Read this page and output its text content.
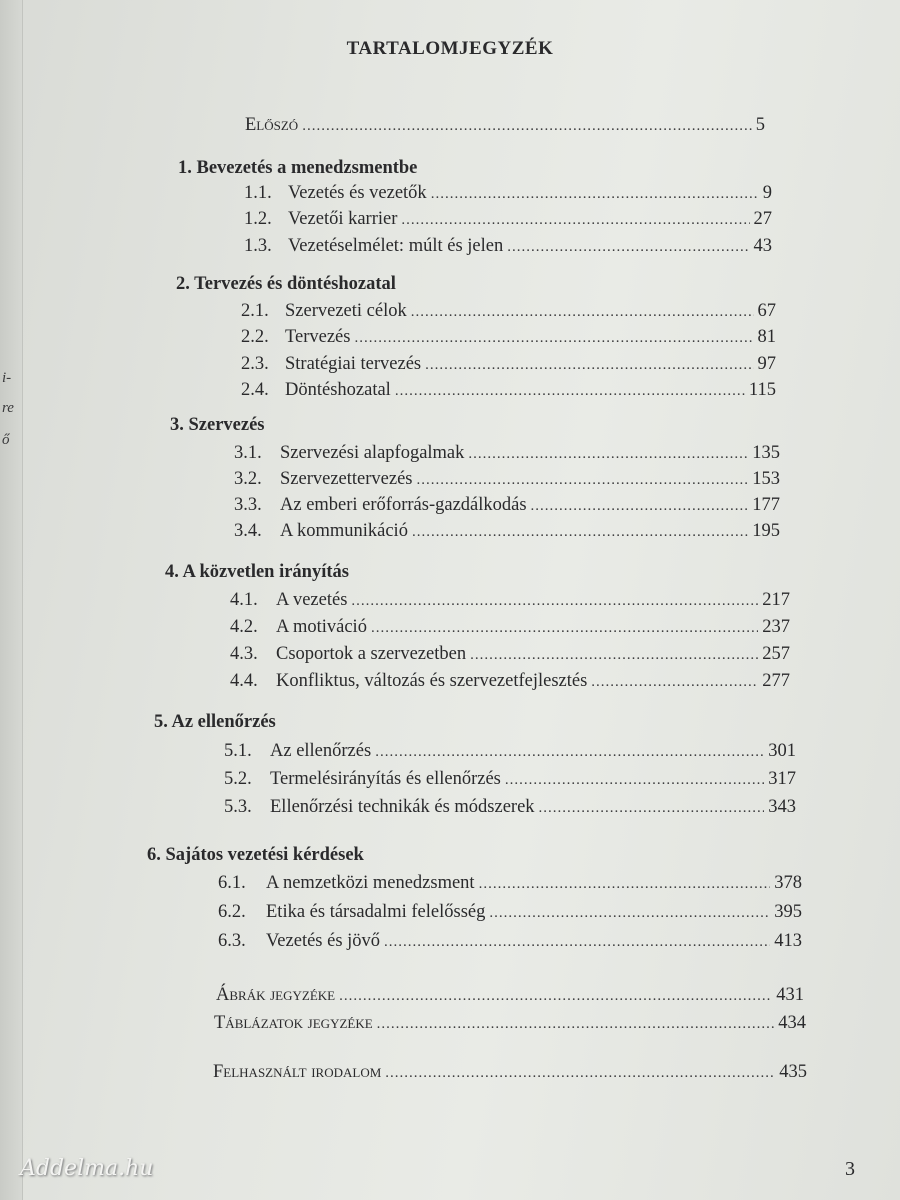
i-
re
ő
TARTALOMJEGYZÉK
Előszó .....	5
1. Bevezetés a menedzsmentbe
1.1. Vezetés és vezetők .....	9
1.2. Vezetői karrier .....	27
1.3. Vezetéselmélet: múlt és jelen .....	43
2. Tervezés és döntéshozatal
2.1. Szervezeti célok .....	67
2.2. Tervezés .....	81
2.3. Stratégiai tervezés .....	97
2.4. Döntéshozatal .....	115
3. Szervezés
3.1. Szervezési alapfogalmak .....	135
3.2. Szervezettervezés .....	153
3.3. Az emberi erőforrás-gazdálkodás .....	177
3.4. A kommunikáció .....	195
4. A közvetlen irányítás
4.1. A vezetés .....	217
4.2. A motiváció .....	237
4.3. Csoportok a szervezetben .....	257
4.4. Konfliktus, változás és szervezetfejlesztés .....	277
5. Az ellenőrzés
5.1. Az ellenőrzés .....	301
5.2. Termelésirányítás és ellenőrzés .....	317
5.3. Ellenőrzési technikák és módszerek .....	343
6. Sajátos vezetési kérdések
6.1.	A nemzetközi menedzsment .....	378
6.2.	Etika és társadalmi felelősség .....	395
6.3.	Vezetés és jövő .....	413
Ábrák jegyzéke .....	431
Táblázatok jegyzéke .....	434
Felhasznált irodalom .....	435
Addelma.hu	3
